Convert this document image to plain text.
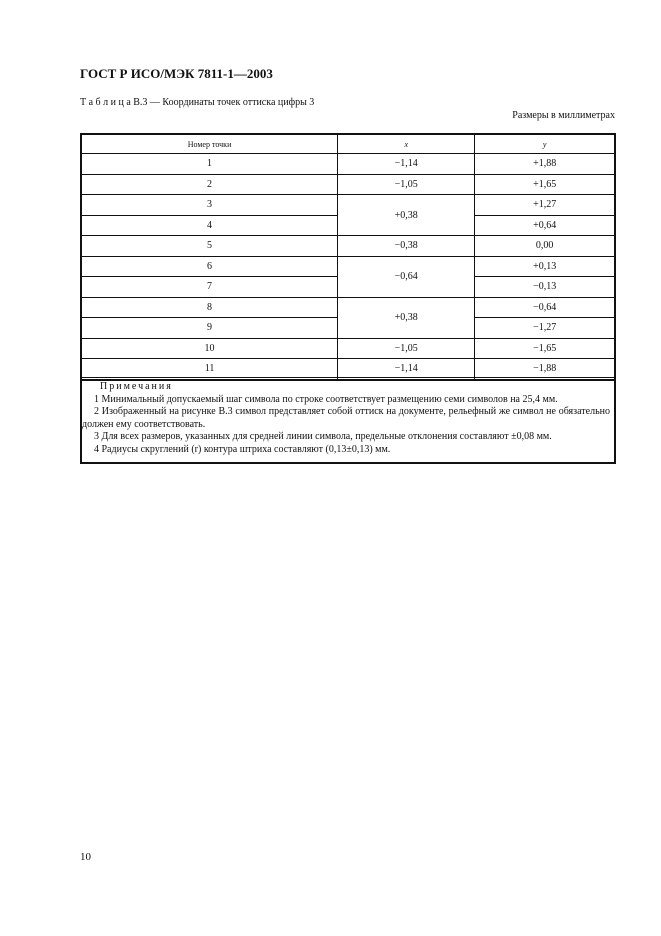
ГОСТ Р ИСО/МЭК 7811-1—2003
Т а б л и ц а В.3 — Координаты точек оттиска цифры 3
Размеры в миллиметрах
Номер точки	x	y
1	−1,14	+1,88
2	−1,05	+1,65
3	+0,38	+1,27
4		+0,64
5	−0,38	0,00
6	−0,64	+0,13
7		−0,13
8	+0,38	−0,64
9		−1,27
10	−1,05	−1,65
11	−1,14	−1,88

Примечания

1 Минимальный допускаемый шаг символа по строке соответствует размещению семи символов на 25,4 мм.

2 Изображенный на рисунке В.3 символ представляет собой оттиск на документе, рельефный же символ не обязательно должен ему соответствовать.

3 Для всех размеров, указанных для средней линии символа, предельные отклонения составляют ±0,08 мм.

4 Радиусы скруглений (r) контура штриха составляют (0,13±0,13) мм.

10
